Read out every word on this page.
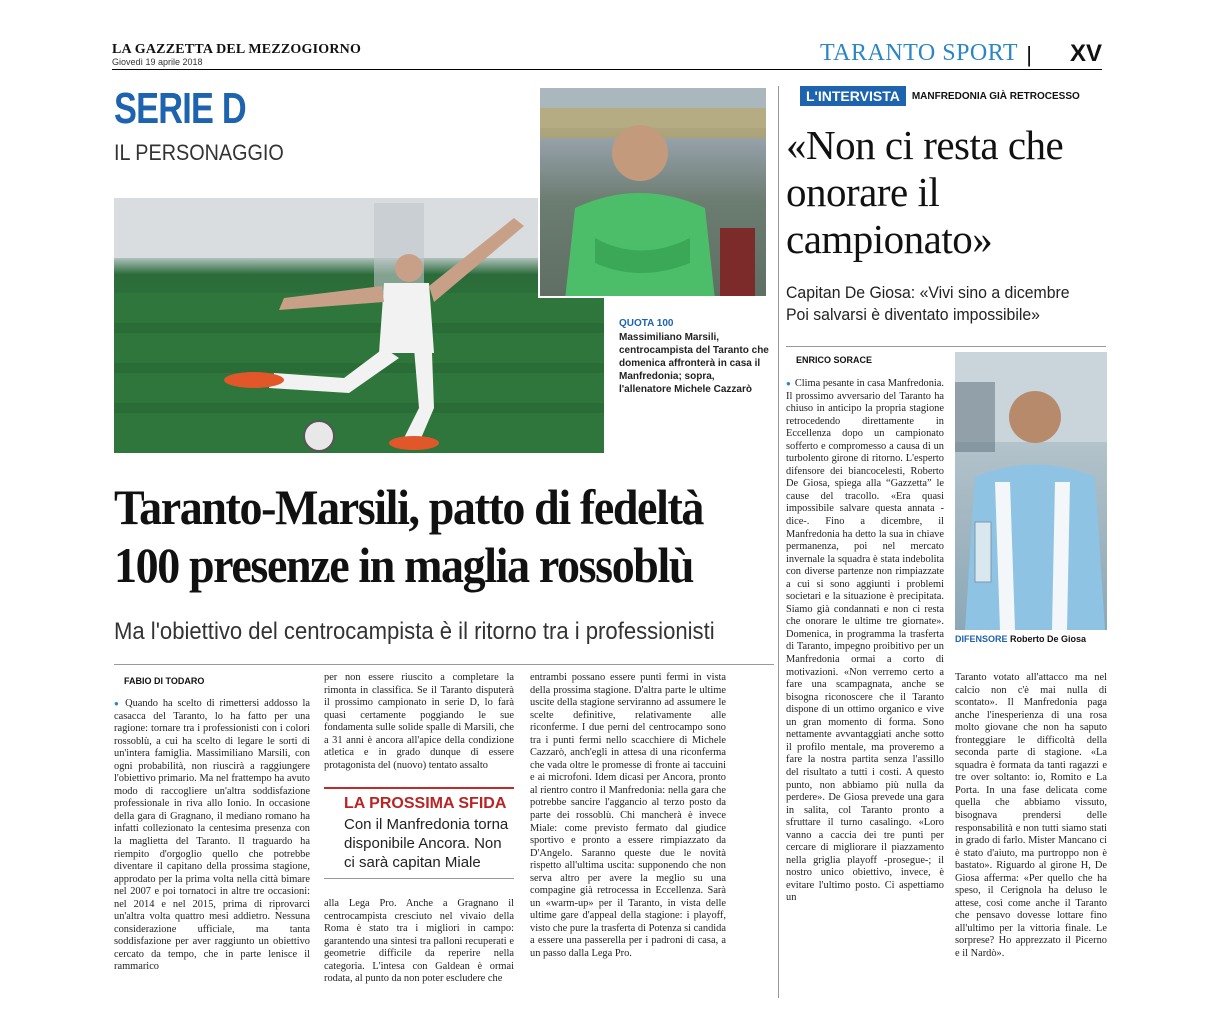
LA GAZZETTA DEL MEZZOGIORNO
Giovedì 19 aprile 2018	TARANTO SPORT | XV
SERIE D
IL PERSONAGGIO
QUOTA 100
Massimiliano Marsili, centrocampista del Taranto che domenica affronterà in casa il Manfredonia; sopra, l'allenatore Michele Cazzarò
Taranto-Marsili, patto di fedeltà
100 presenze in maglia rossoblù
Ma l'obiettivo del centrocampista è il ritorno tra i professionisti
FABIO DI TODARO
● Quando ha scelto di rimettersi addosso la casacca del Taranto, lo ha fatto per una ragione: tornare tra i professionisti con i colori rossoblù, a cui ha scelto di legare le sorti di un'intera famiglia. Massimiliano Marsili, con ogni probabilità, non riuscirà a raggiungere l'obiettivo primario. Ma nel frattempo ha avuto modo di raccogliere un'altra soddisfazione professionale in riva allo Ionio. In occasione della gara di Gragnano, il mediano romano ha infatti collezionato la centesima presenza con la maglietta del Taranto. Il traguardo ha riempito d'orgoglio quello che potrebbe diventare il capitano della prossima stagione, approdato per la prima volta nella città bimare nel 2007 e poi tornatoci in altre tre occasioni: nel 2014 e nel 2015, prima di riprovarci un'altra volta quattro mesi addietro. Nessuna considerazione ufficiale, ma tanta soddisfazione per aver raggiunto un obiettivo cercato da tempo, che in parte lenisce il rammarico
per non essere riuscito a completare la rimonta in classifica. Se il Taranto disputerà il prossimo campionato in serie D, lo farà quasi certamente poggiando le sue fondamenta sulle solide spalle di Marsili, che a 31 anni è ancora all'apice della condizione atletica e in grado dunque di essere protagonista del (nuovo) tentato assalto
LA PROSSIMA SFIDA
Con il Manfredonia torna disponibile Ancora. Non ci sarà capitan Miale
alla Lega Pro. Anche a Gragnano il centrocampista cresciuto nel vivaio della Roma è stato tra i migliori in campo: garantendo una sintesi tra palloni recuperati e geometrie difficile da reperire nella categoria. L'intesa con Galdean è ormai rodata, al punto da non poter escludere che
entrambi possano essere punti fermi in vista della prossima stagione. D'altra parte le ultime uscite della stagione serviranno ad assumere le scelte definitive, relativamente alle riconferme. I due perni del centrocampo sono tra i punti fermi nello scacchiere di Michele Cazzarò, anch'egli in attesa di una riconferma che vada oltre le promesse di fronte ai taccuini e ai microfoni. Idem dicasi per Ancora, pronto al rientro contro il Manfredonia: nella gara che potrebbe sancire l'aggancio al terzo posto da parte dei rossoblù. Chi mancherà è invece Miale: come previsto fermato dal giudice sportivo e pronto a essere rimpiazzato da D'Angelo. Saranno queste due le novità rispetto all'ultima uscita: supponendo che non serva altro per avere la meglio su una compagine già retrocessa in Eccellenza. Sarà un «warm-up» per il Taranto, in vista delle ultime gare d'appeal della stagione: i playoff, visto che pure la trasferta di Potenza si candida a essere una passerella per i padroni di casa, a un passo dalla Lega Pro.
L'INTERVISTA	MANFREDONIA GIÀ RETROCESSO
«Non ci resta che onorare il campionato»
Capitan De Giosa: «Vivi sino a dicembre Poi salvarsi è diventato impossibile»
ENRICO SORACE
● Clima pesante in casa Manfredonia. Il prossimo avversario del Taranto ha chiuso in anticipo la propria stagione retrocedendo direttamente in Eccellenza dopo un campionato sofferto e compromesso a causa di un turbolento girone di ritorno. L'esperto difensore dei biancocelesti, Roberto De Giosa, spiega alla “Gazzetta” le cause del tracollo. «Era quasi impossibile salvare questa annata -dice-. Fino a dicembre, il Manfredonia ha detto la sua in chiave permanenza, poi nel mercato invernale la squadra è stata indebolita con diverse partenze non rimpiazzate a cui si sono aggiunti i problemi societari e la situazione è precipitata. Siamo già condannati e non ci resta che onorare le ultime tre giornate». Domenica, in programma la trasferta di Taranto, impegno proibitivo per un Manfredonia ormai a corto di motivazioni. «Non verremo certo a fare una scampagnata, anche se bisogna riconoscere che il Taranto dispone di un ottimo organico e vive un gran momento di forma. Sono nettamente avvantaggiati anche sotto il profilo mentale, ma proveremo a fare la nostra partita senza l'assillo del risultato a tutti i costi. A questo punto, non abbiamo più nulla da perdere». De Giosa prevede una gara in salita, col Taranto pronto a sfruttare il turno casalingo. «Loro vanno a caccia dei tre punti per cercare di migliorare il piazzamento nella griglia playoff -prosegue-; il nostro unico obiettivo, invece, è evitare l'ultimo posto. Ci aspettiamo un
DIFENSORE Roberto De Giosa
Taranto votato all'attacco ma nel calcio non c'è mai nulla di scontato». Il Manfredonia paga anche l'inesperienza di una rosa molto giovane che non ha saputo fronteggiare le difficoltà della seconda parte di stagione. «La squadra è formata da tanti ragazzi e tre over soltanto: io, Romito e La Porta. In una fase delicata come quella che abbiamo vissuto, bisognava prendersi delle responsabilità e non tutti siamo stati in grado di farlo. Mister Mancano ci è stato d'aiuto, ma purtroppo non è bastato». Riguardo al girone H, De Giosa afferma: «Per quello che ha speso, il Cerignola ha deluso le attese, così come anche il Taranto che pensavo dovesse lottare fino all'ultimo per la vittoria finale. Le sorprese? Ho apprezzato il Picerno e il Nardò».
